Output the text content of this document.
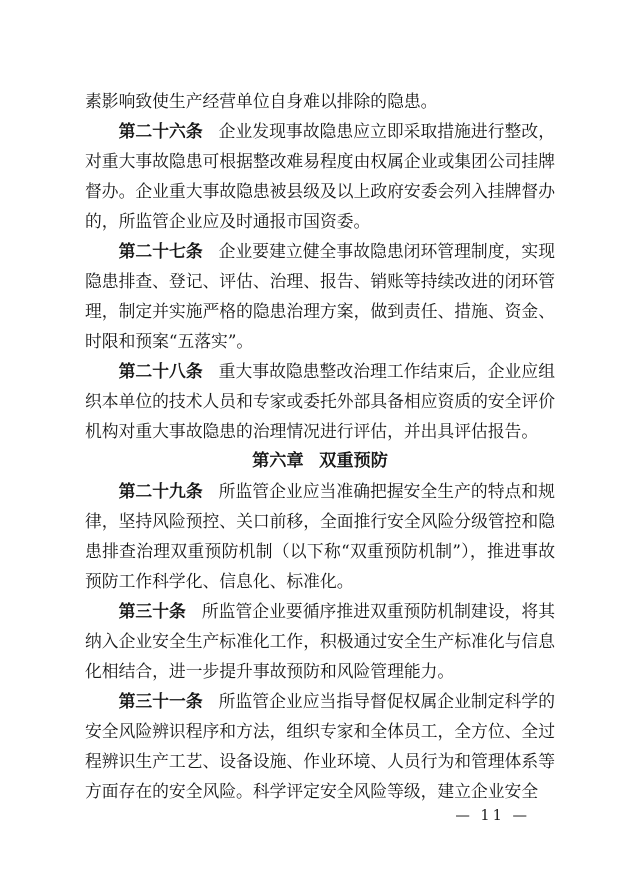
素影响致使生产经营单位自身难以排除的隐患。

第二十六条 企业发现事故隐患应立即采取措施进行整改，对重大事故隐患可根据整改难易程度由权属企业或集团公司挂牌督办。企业重大事故隐患被县级及以上政府安委会列入挂牌督办的，所监管企业应及时通报市国资委。

第二十七条 企业要建立健全事故隐患闭环管理制度，实现隐患排查、登记、评估、治理、报告、销账等持续改进的闭环管理，制定并实施严格的隐患治理方案，做到责任、措施、资金、时限和预案“五落实”。

第二十八条 重大事故隐患整改治理工作结束后，企业应组织本单位的技术人员和专家或委托外部具备相应资质的安全评价机构对重大事故隐患的治理情况进行评估，并出具评估报告。

第六章 双重预防

第二十九条 所监管企业应当准确把握安全生产的特点和规律，坚持风险预控、关口前移，全面推行安全风险分级管控和隐患排查治理双重预防机制（以下称“双重预防机制”），推进事故预防工作科学化、信息化、标准化。

第三十条 所监管企业要循序推进双重预防机制建设，将其纳入企业安全生产标准化工作，积极通过安全生产标准化与信息化相结合，进一步提升事故预防和风险管理能力。

第三十一条 所监管企业应当指导督促权属企业制定科学的安全风险辨识程序和方法，组织专家和全体员工，全方位、全过程辨识生产工艺、设备设施、作业环境、人员行为和管理体系等方面存在的安全风险。科学评定安全风险等级，建立企业安全

— 11 —
